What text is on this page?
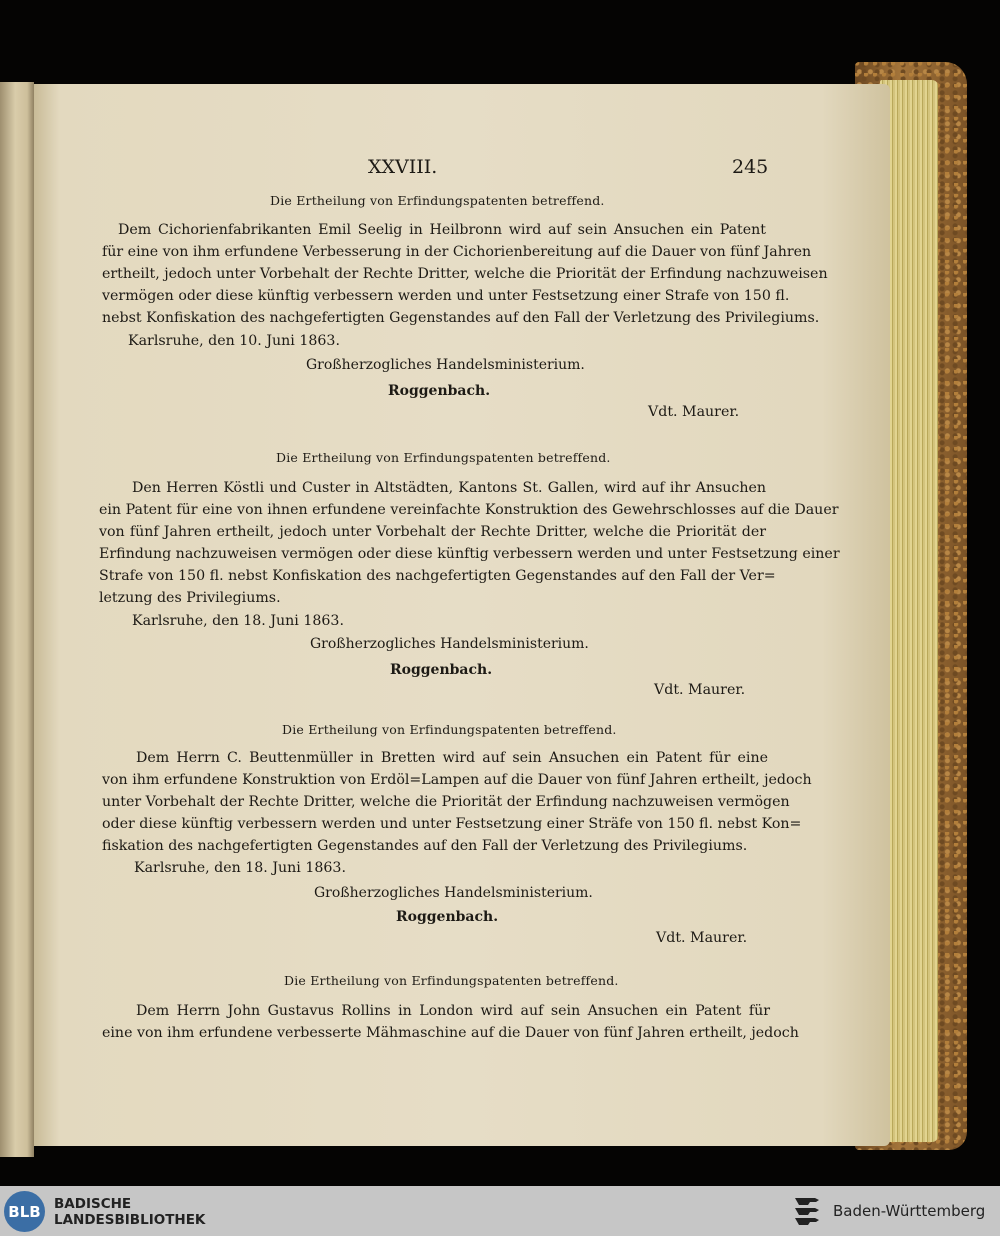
XXVIII.	245
Die Ertheilung von Erfindungspatenten betreffend.
Dem Cichorienfabrikanten Emil Seelig in Heilbronn wird auf sein Ansuchen ein Patent
für eine von ihm erfundene Verbesserung in der Cichorienbereitung auf die Dauer von fünf Jahren
ertheilt, jedoch unter Vorbehalt der Rechte Dritter, welche die Priorität der Erfindung nachzuweisen
vermögen oder diese künftig verbessern werden und unter Festsetzung einer Strafe von 150 fl.
nebst Konfiskation des nachgefertigten Gegenstandes auf den Fall der Verletzung des Privilegiums.
Karlsruhe, den 10. Juni 1863.
Großherzogliches Handelsministerium.
Roggenbach.
Vdt. Maurer.
Die Ertheilung von Erfindungspatenten betreffend.
Den Herren Köstli und Custer in Altstädten, Kantons St. Gallen, wird auf ihr Ansuchen
ein Patent für eine von ihnen erfundene vereinfachte Konstruktion des Gewehrschlosses auf die Dauer
von fünf Jahren ertheilt, jedoch unter Vorbehalt der Rechte Dritter, welche die Priorität der
Erfindung nachzuweisen vermögen oder diese künftig verbessern werden und unter Festsetzung einer
Strafe von 150 fl. nebst Konfiskation des nachgefertigten Gegenstandes auf den Fall der Ver=
letzung des Privilegiums.
Karlsruhe, den 18. Juni 1863.
Großherzogliches Handelsministerium.
Roggenbach.
Vdt. Maurer.
Die Ertheilung von Erfindungspatenten betreffend.
Dem Herrn C. Beuttenmüller in Bretten wird auf sein Ansuchen ein Patent für eine
von ihm erfundene Konstruktion von Erdöl=Lampen auf die Dauer von fünf Jahren ertheilt, jedoch
unter Vorbehalt der Rechte Dritter, welche die Priorität der Erfindung nachzuweisen vermögen
oder diese künftig verbessern werden und unter Festsetzung einer Sträfe von 150 fl. nebst Kon=
fiskation des nachgefertigten Gegenstandes auf den Fall der Verletzung des Privilegiums.
Karlsruhe, den 18. Juni 1863.
Großherzogliches Handelsministerium.
Roggenbach.
Vdt. Maurer.
Die Ertheilung von Erfindungspatenten betreffend.
Dem Herrn John Gustavus Rollins in London wird auf sein Ansuchen ein Patent für
eine von ihm erfundene verbesserte Mähmaschine auf die Dauer von fünf Jahren ertheilt, jedoch
BLB BADISCHE
LANDESBIBLIOTHEK	Baden-Württemberg
